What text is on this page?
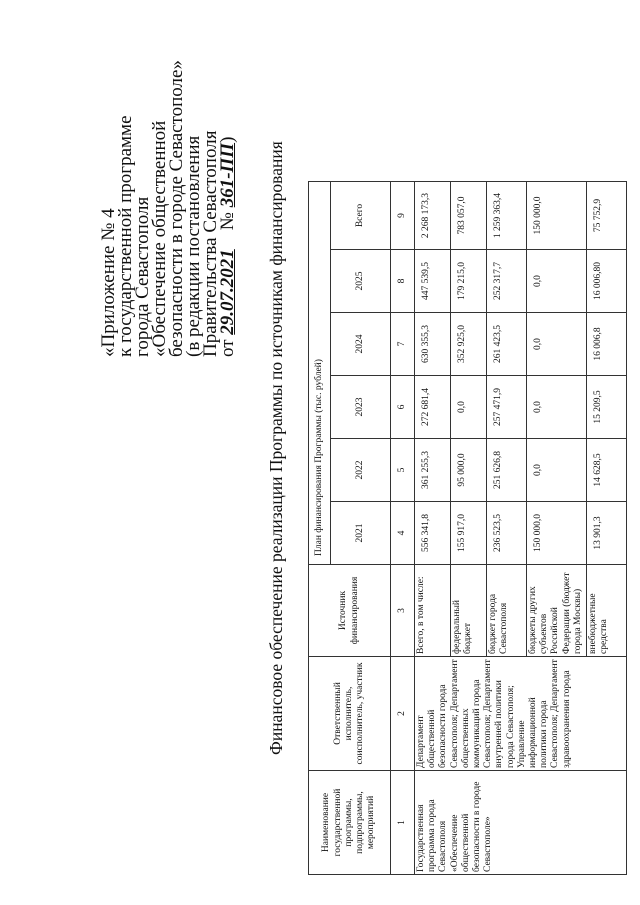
«Приложение № 4
к государственной программе
города Севастополя
«Обеспечение общественной
безопасности в городе Севастополе»
(в редакции постановления
Правительства Севастополя
от 29.07.2021    № 361-ПП)
Финансовое обеспечение реализации Программы по источникам финансирования
Наименование государственной программы, подпрограммы, мероприятий	Ответственный исполнитель, соисполнитель, участник	Источник финансирования	План финансирования Программы (тыс. рублей)					
			2021	2022	2023	2024	2025	Всего
1	2	3	4	5	6	7	8	9
Государственная программа города Севастополя «Обеспечение общественной безопасности в городе Севастополе»	Департамент общественной безопасности города Севастополя; Департамент общественных коммуникаций города Севастополя; Департамент внутренней политики города Севастополя; Управление информационной политики города Севастополя; Департамент здравоохранения города	Всего, в том числе:	556 341,8	361 255,3	272 681,4	630 355,3	447 539,5	2 268 173,3
		федеральный бюджет	155 917,0	95 000,0	0,0	352 925,0	179 215,0	783 057,0
		бюджет города Севастополя	236 523,5	251 626,8	257 471,9	261 423,5	252 317,7	1 259 363,4
		бюджеты других субъектов Российской Федерации (бюджет города Москвы)	150 000,0	0,0	0,0	0,0	0,0	150 000,0
		внебюджетные средства	13 901,3	14 628,5	15 209,5	16 006,8	16 006,80	75 752,9
